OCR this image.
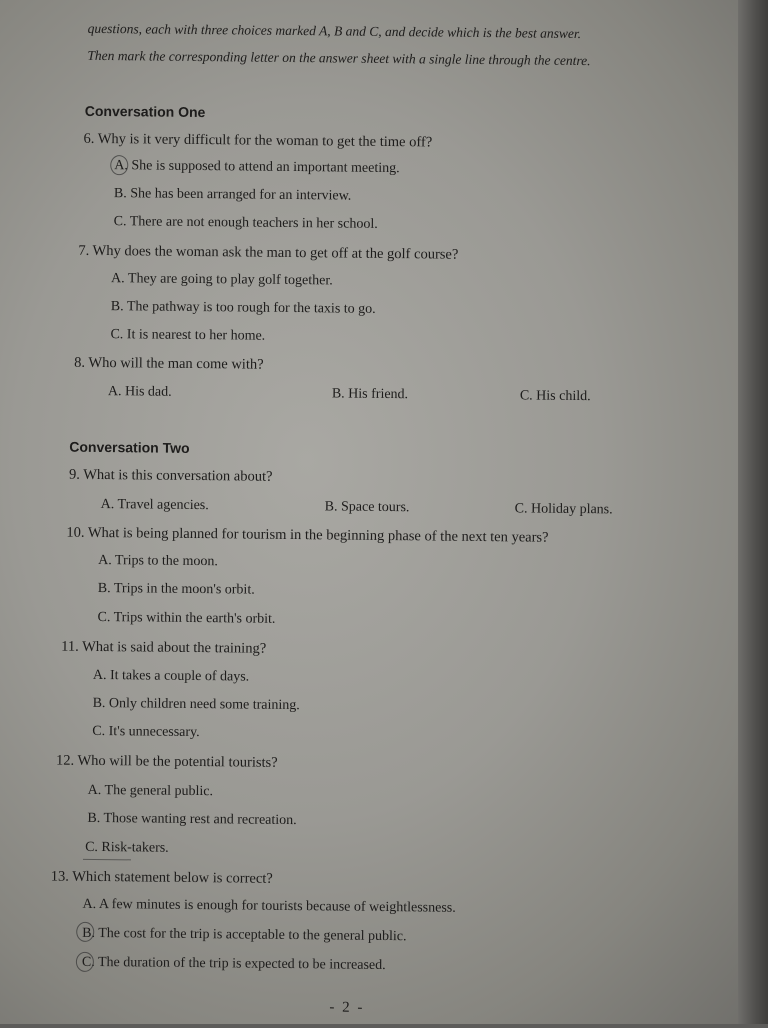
questions, each with three choices marked A, B and C, and decide which is the best answer.

Then mark the corresponding letter on the answer sheet with a single line through the centre.

Conversation One
6. Why is it very difficult for the woman to get the time off?
A. She is supposed to attend an important meeting.
B. She has been arranged for an interview.
C. There are not enough teachers in her school.
7. Why does the woman ask the man to get off at the golf course?
A. They are going to play golf together.
B. The pathway is too rough for the taxis to go.
C. It is nearest to her home.
8. Who will the man come with?
A. His dad.	B. His friend.	C. His child.
Conversation Two
9. What is this conversation about?
A. Travel agencies.	B. Space tours.	C. Holiday plans.
10. What is being planned for tourism in the beginning phase of the next ten years?
A. Trips to the moon.
B. Trips in the moon's orbit.
C. Trips within the earth's orbit.
11. What is said about the training?
A. It takes a couple of days.
B. Only children need some training.
C. It's unnecessary.
12. Who will be the potential tourists?
A. The general public.
B. Those wanting rest and recreation.
C. Risk-takers.
13. Which statement below is correct?
A. A few minutes is enough for tourists because of weightlessness.
B. The cost for the trip is acceptable to the general public.
C. The duration of the trip is expected to be increased.
- 2 -
